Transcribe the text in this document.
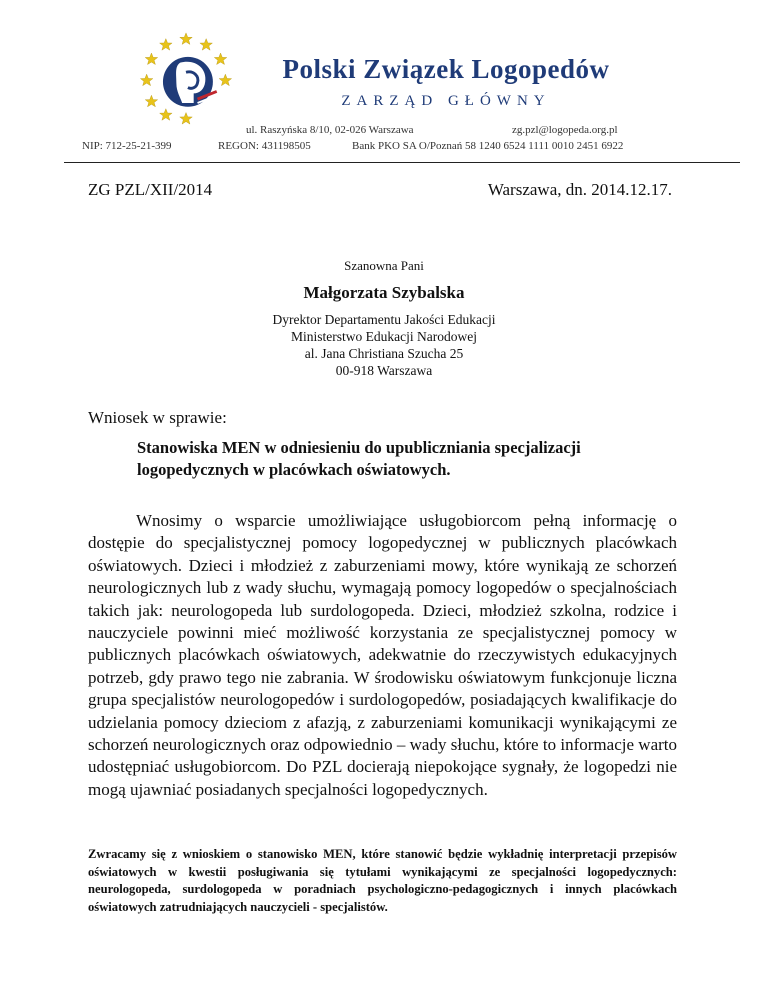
Polski Związek Logopedów
ZARZĄD GŁÓWNY
ul. Raszyńska 8/10, 02-026 Warszawa	zg.pzl@logopeda.org.pl
NIP: 712-25-21-399	REGON: 431198505	Bank PKO SA O/Poznań 58 1240 6524 1111 0010 2451 6922
ZG PZL/XII/2014	Warszawa, dn. 2014.12.17.
Szanowna Pani
Małgorzata Szybalska
Dyrektor Departamentu Jakości Edukacji
Ministerstwo Edukacji Narodowej
al. Jana Christiana Szucha 25
00-918 Warszawa
Wniosek w sprawie:
Stanowiska MEN w odniesieniu do upubliczniania specjalizacji
logopedycznych w placówkach oświatowych.

Wnosimy o wsparcie umożliwiające usługobiorcom pełną informację o dostępie do specjalistycznej pomocy logopedycznej w publicznych placówkach oświatowych. Dzieci i młodzież z zaburzeniami mowy, które wynikają ze schorzeń neurologicznych lub z wady słuchu, wymagają pomocy logopedów o specjalnościach takich jak: neurologopeda lub surdologopeda. Dzieci, młodzież szkolna, rodzice i nauczyciele powinni mieć możliwość korzystania ze specjalistycznej pomocy w publicznych placówkach oświatowych, adekwatnie do rzeczywistych edukacyjnych potrzeb, gdy prawo tego nie zabrania. W środowisku oświatowym funkcjonuje liczna grupa specjalistów neurologopedów i surdologopedów, posiadających kwalifikacje do udzielania pomocy dzieciom z afazją, z zaburzeniami komunikacji wynikającymi ze schorzeń neurologicznych oraz odpowiednio – wady słuchu, które to informacje warto udostępniać usługobiorcom. Do PZL docierają niepokojące sygnały, że logopedzi nie mogą ujawniać posiadanych specjalności logopedycznych.

Zwracamy się z wnioskiem o stanowisko MEN, które stanowić będzie wykładnię interpretacji przepisów oświatowych w kwestii posługiwania się tytułami wynikającymi ze specjalności logopedycznych: neurologopeda, surdologopeda w poradniach psychologiczno-pedagogicznych i innych placówkach oświatowych zatrudniających nauczycieli - specjalistów.
